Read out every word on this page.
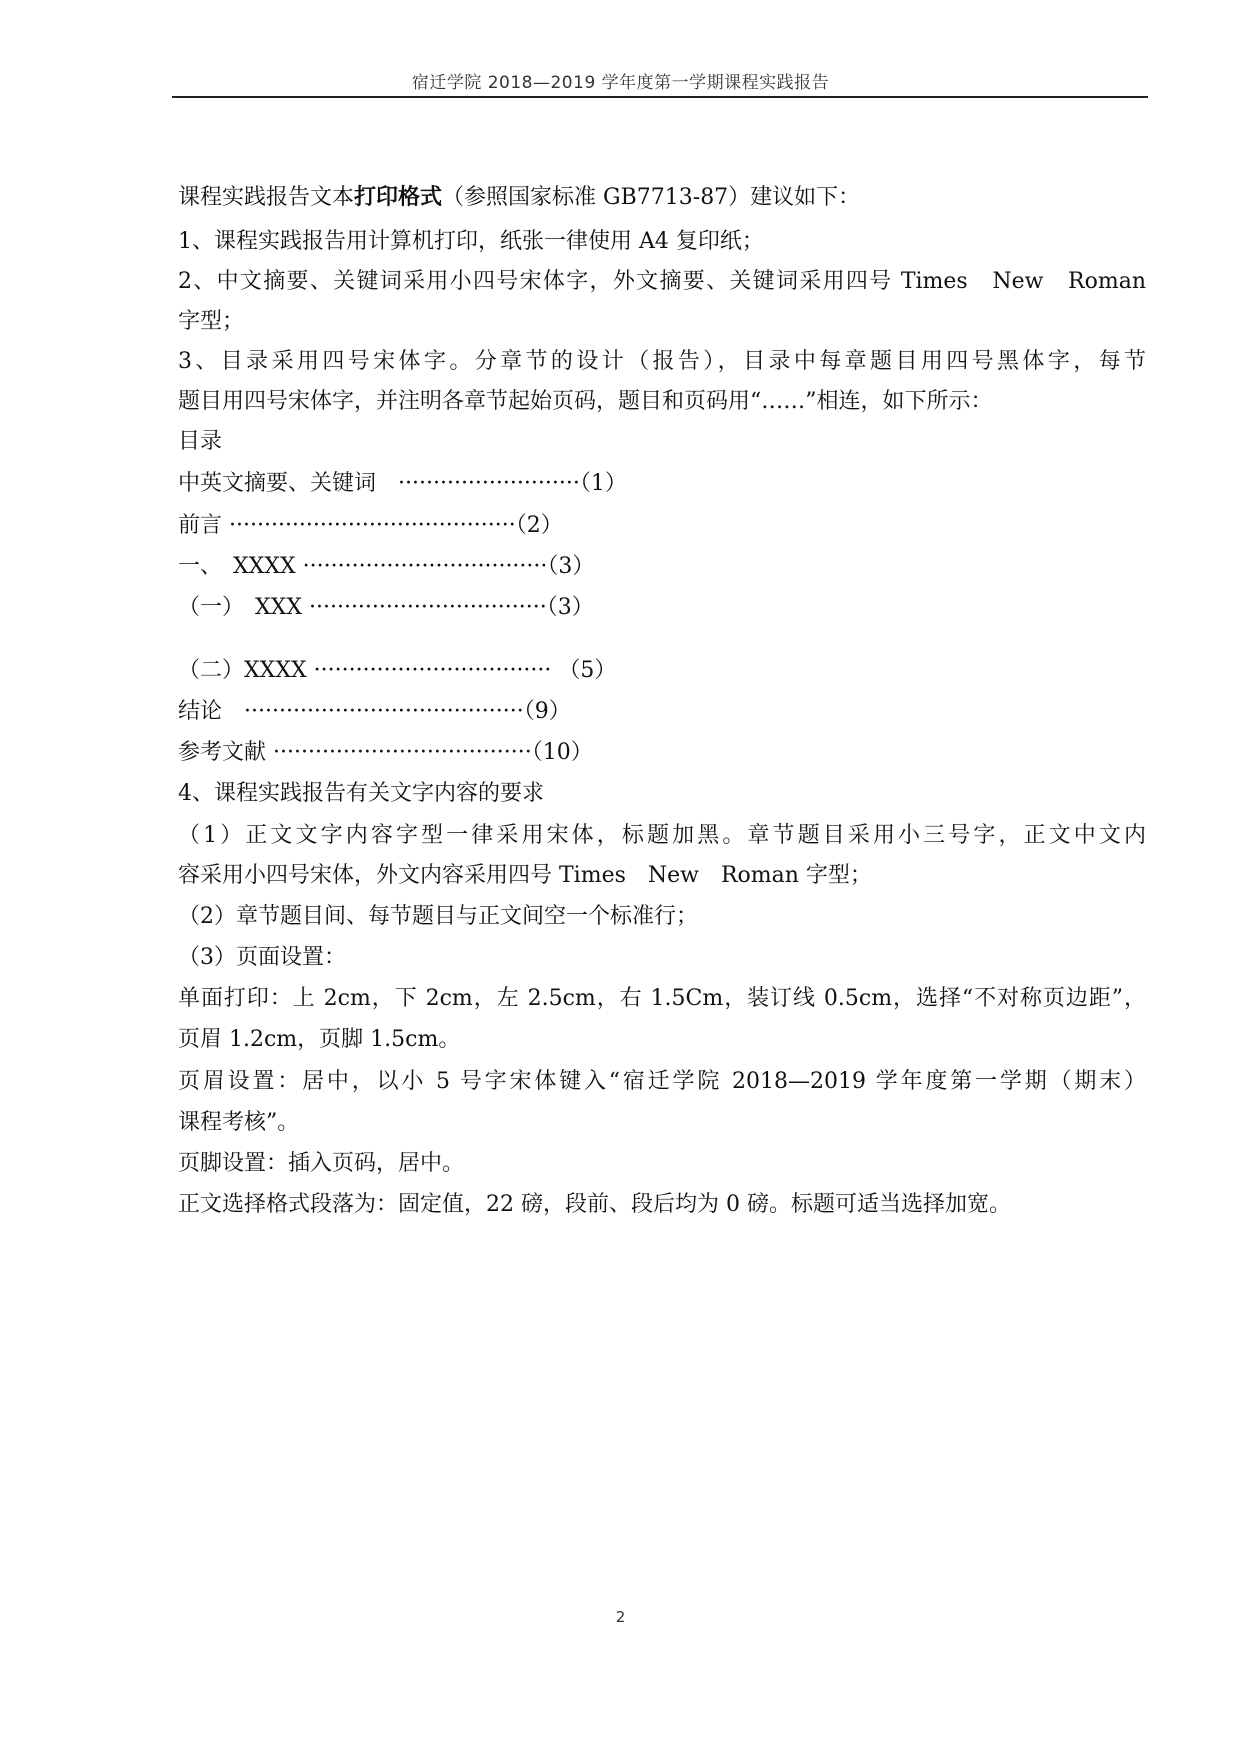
宿迁学院 2018—2019 学年度第一学期课程实践报告
课程实践报告文本打印格式（参照国家标准 GB7713-87）建议如下：
1、课程实践报告用计算机打印，纸张一律使用 A4 复印纸；
2、中文摘要、关键词采用小四号宋体字，外文摘要、关键词采用四号 Times　New　Roman
字型；
3、目录采用四号宋体字。分章节的设计（报告），目录中每章题目用四号黑体字，每节
题目用四号宋体字，并注明各章节起始页码，题目和页码用“……”相连，如下所示：
目录
中英文摘要、关键词　··························（1）
前言 ·········································（2）
一、　XXXX ···································（3）
（一）　XXX ··································（3）
（二）XXXX ·································· （5）
结论　········································（9）
参考文献 ·····································（10）
4、课程实践报告有关文字内容的要求
（1）正文文字内容字型一律采用宋体，标题加黑。章节题目采用小三号字，正文中文内
容采用小四号宋体，外文内容采用四号 Times　New　Roman 字型；
（2）章节题目间、每节题目与正文间空一个标准行；
（3）页面设置：
单面打印：上 2cm，下 2cm，左 2.5cm，右 1.5Cm，装订线 0.5cm，选择“不对称页边距”，
页眉 1.2cm，页脚 1.5cm。
页眉设置：居中，以小 5 号字宋体键入“宿迁学院 2018—2019 学年度第一学期（期末）
课程考核”。
页脚设置：插入页码，居中。
正文选择格式段落为：固定值，22 磅，段前、段后均为 0 磅。标题可适当选择加宽。
2
